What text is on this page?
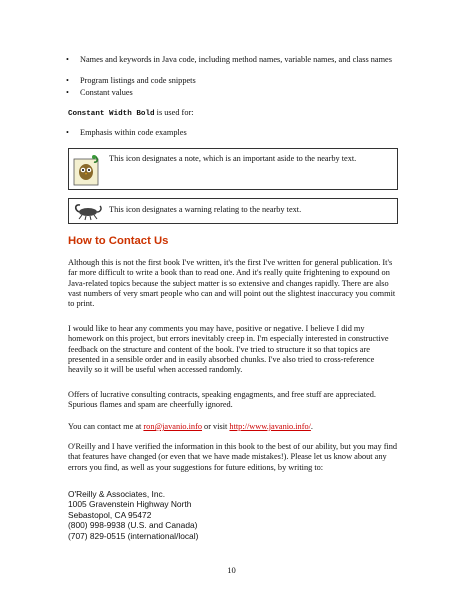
• Names and keywords in Java code, including method names, variable names, and class names
• Program listings and code snippets
• Constant values
Constant Width Bold is used for:
• Emphasis within code examples
This icon designates a note, which is an important aside to the nearby text.
This icon designates a warning relating to the nearby text.
How to Contact Us

Although this is not the first book I've written, it's the first I've written for general publication. It's far more difficult to write a book than to read one. And it's really quite frightening to expound on Java-related topics because the subject matter is so extensive and changes rapidly. There are also vast numbers of very smart people who can and will point out the slightest inaccuracy you commit to print.

I would like to hear any comments you may have, positive or negative. I believe I did my homework on this project, but errors inevitably creep in. I'm especially interested in constructive feedback on the structure and content of the book. I've tried to structure it so that topics are presented in a sensible order and in easily absorbed chunks. I've also tried to cross-reference heavily so it will be useful when accessed randomly.

Offers of lucrative consulting contracts, speaking engagments, and free stuff are appreciated. Spurious flames and spam are cheerfully ignored.

You can contact me at ron@javanio.info or visit http://www.javanio.info/.

O'Reilly and I have verified the information in this book to the best of our ability, but you may find that features have changed (or even that we have made mistakes!). Please let us know about any errors you find, as well as your suggestions for future editions, by writing to:

O'Reilly & Associates, Inc.
1005 Gravenstein Highway North
Sebastopol, CA 95472
(800) 998-9938 (U.S. and Canada)
(707) 829-0515 (international/local)
10
